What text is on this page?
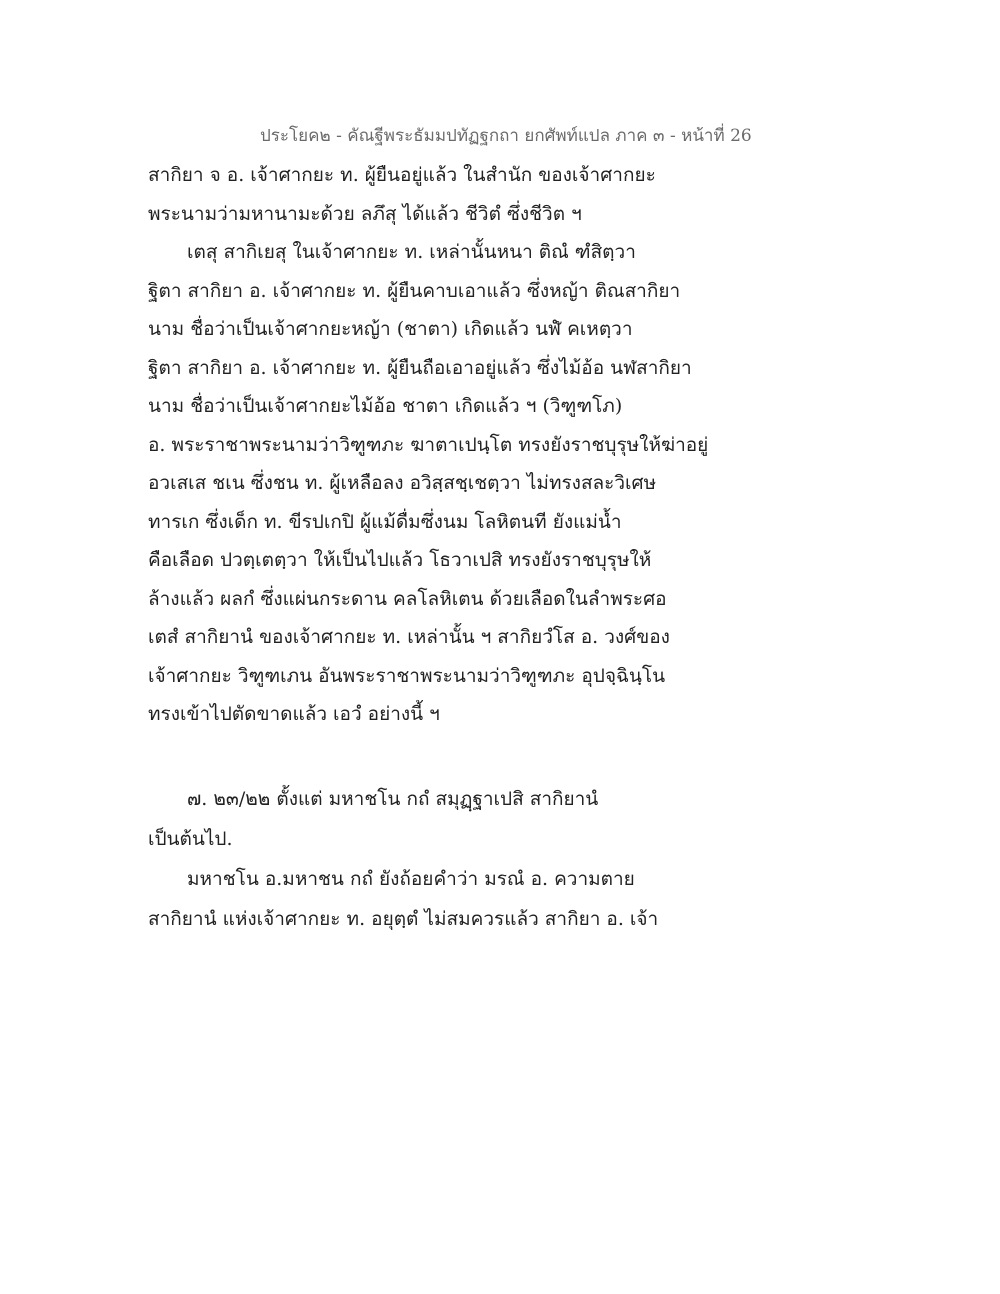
ประโยค๒ - คัณฐีพระธัมมปทัฏฐกถา ยกศัพท์แปล ภาค ๓ - หน้าที่ 26
สากิยา จ อ. เจ้าศากยะ ท. ผู้ยืนอยู่แล้ว ในสำนัก ของเจ้าศากยะ
พระนามว่ามหานามะด้วย ลภึสุ ได้แล้ว ชีวิตํ ซึ่งชีวิต ฯ
เตสุ สากิเยสุ ในเจ้าศากยะ ท. เหล่านั้นหนา ติณํ ฑํสิตฺวา
ฐิตา สากิยา อ. เจ้าศากยะ ท. ผู้ยืนคาบเอาแล้ว ซึ่งหญ้า ติณสากิยา
นาม ชื่อว่าเป็นเจ้าศากยะหญ้า (ชาตา) เกิดแล้ว นฬํ คเหตฺวา
ฐิตา สากิยา อ. เจ้าศากยะ ท. ผู้ยืนถือเอาอยู่แล้ว ซึ่งไม้อ้อ นฬสากิยา
นาม ชื่อว่าเป็นเจ้าศากยะไม้อ้อ ชาตา เกิดแล้ว ฯ (วิฑูฑโภ)
อ. พระราชาพระนามว่าวิฑูฑภะ ฆาตาเปนฺโต ทรงยังราชบุรุษให้ฆ่าอยู่
อวเสเส ชเน ซึ่งชน ท. ผู้เหลือลง อวิสฺสชฺเชตฺวา ไม่ทรงสละวิเศษ
ทารเก ซึ่งเด็ก ท. ขีรปเกปิ ผู้แม้ดื่มซึ่งนม โลหิตนที ยังแม่น้ำ
คือเลือด ปวตฺเตตฺวา ให้เป็นไปแล้ว โธวาเปสิ ทรงยังราชบุรุษให้
ล้างแล้ว ผลกํ ซึ่งแผ่นกระดาน คลโลหิเตน ด้วยเลือดในลำพระศอ
เตสํ สากิยานํ ของเจ้าศากยะ ท. เหล่านั้น ฯ สากิยวํโส อ. วงศ์ของ
เจ้าศากยะ วิฑูฑเภน อันพระราชาพระนามว่าวิฑูฑภะ อุปจฺฉินฺโน
ทรงเข้าไปตัดขาดแล้ว เอวํ อย่างนี้ ฯ
๗. ๒๓/๒๒ ตั้งแต่ มหาชโน กถํ สมุฏฺฐาเปสิ สากิยานํ
เป็นต้นไป.
มหาชโน อ.มหาชน กถํ ยังถ้อยคำว่า มรณํ อ. ความตาย
สากิยานํ แห่งเจ้าศากยะ ท. อยุตฺตํ ไม่สมควรแล้ว สากิยา อ. เจ้า
